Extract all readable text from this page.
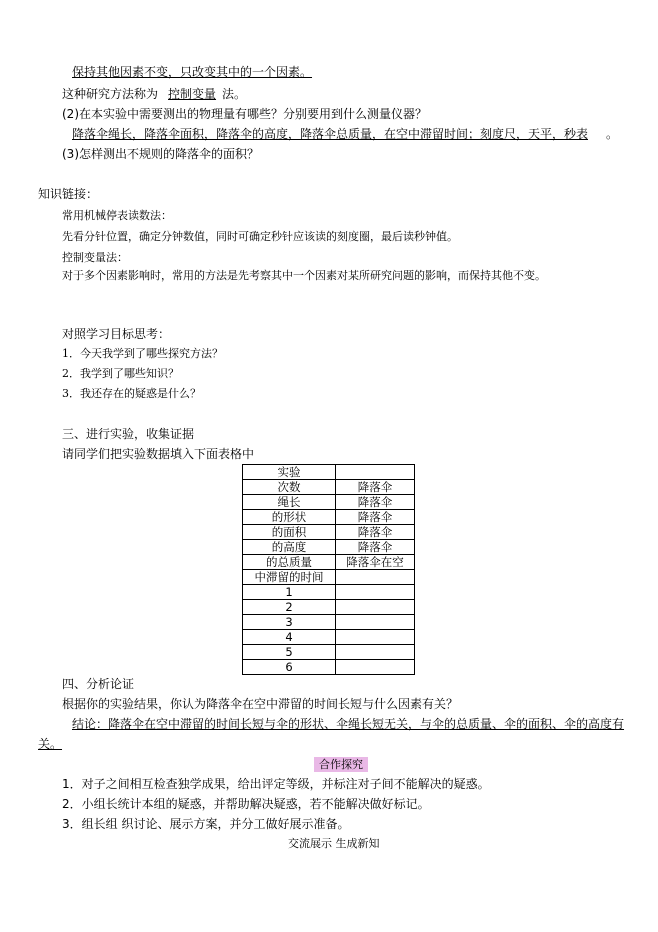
保持其他因素不变，只改变其中的一个因素。
这种研究方法称为 控制变量 法。
(2)在本实验中需要测出的物理量有哪些？分别要用到什么测量仪器？
降落伞绳长，降落伞面积，降落伞的高度，降落伞总质量，在空中滞留时间；刻度尺，天平，秒表 。
(3)怎样测出不规则的降落伞的面积？
知识链接：
常用机械停表读数法：
先看分针位置，确定分钟数值，同时可确定秒针应该读的刻度圈，最后读秒钟值。
控制变量法：
对于多个因素影响时，常用的方法是先考察其中一个因素对某所研究问题的影响，而保持其他不变。
对照学习目标思考：
1．今天我学到了哪些探究方法？
2．我学到了哪些知识？
3．我还存在的疑惑是什么？
三、进行实验，收集证据
请同学们把实验数据填入下面表格中
实验	
次数	降落伞
绳长	降落伞
的形状	降落伞
的面积	降落伞
的高度	降落伞
的总质量	降落伞在空
中滞留的时间	
1	
2	
3	
4	
5	
6	
四、分析论证
根据你的实验结果，你认为降落伞在空中滞留的时间长短与什么因素有关？
结论：降落伞在空中滞留的时间长短与伞的形状、伞绳长短无关，与伞的总质量、伞的面积、伞的高度有
关。
合作探究
1．对子之间相互检查独学成果，给出评定等级，并标注对子间不能解决的疑惑。
2．小组长统计本组的疑惑，并帮助解决疑惑，若不能解决做好标记。
3．组长组 织讨论、展示方案，并分工做好展示准备。
交流展示 生成新知
